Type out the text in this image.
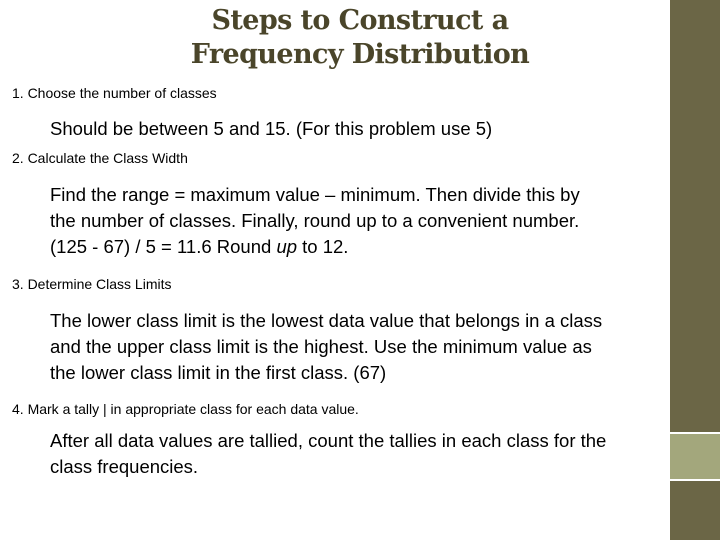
Steps to Construct a
Frequency Distribution
1. Choose the number of classes
Should be between 5 and 15. (For this problem use 5)
2. Calculate the Class Width
Find the range = maximum value – minimum. Then divide this by the number of classes. Finally, round up to a convenient number. (125 - 67) / 5 = 11.6 Round up to 12.
3. Determine Class Limits
The lower class limit is the lowest data value that belongs in a class and the upper class limit is the highest. Use the minimum value as the lower class limit in the first class. (67)
4. Mark a tally | in appropriate class for each data value.
After all data values are tallied, count the tallies in each class for the class frequencies.
